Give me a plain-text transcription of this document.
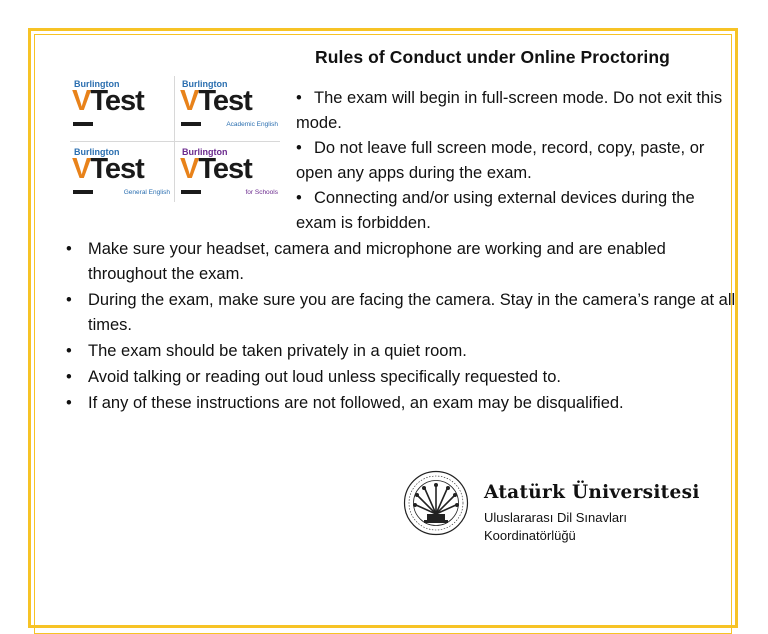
Rules of Conduct under Online Proctoring
Burlington
VTest
Burlington
VTest
Academic English
Burlington
VTest
General English
Burlington
VTest
for Schools
• The exam will begin in full-screen mode. Do not exit this mode.
• Do not leave full screen mode, record, copy, paste, or open any apps during the exam.
• Connecting and/or using external devices during the exam is forbidden.
• Make sure your headset, camera and microphone are working and are enabled throughout the exam.
• During the exam, make sure you are facing the camera. Stay in the camera’s range at all times.
• The exam should be taken privately in a quiet room.
• Avoid talking or reading out loud unless specifically requested to.
• If any of these instructions are not followed, an exam may be disqualified.
Atatürk Üniversitesi
Uluslararası Dil Sınavları
Koordinatörlüğü
